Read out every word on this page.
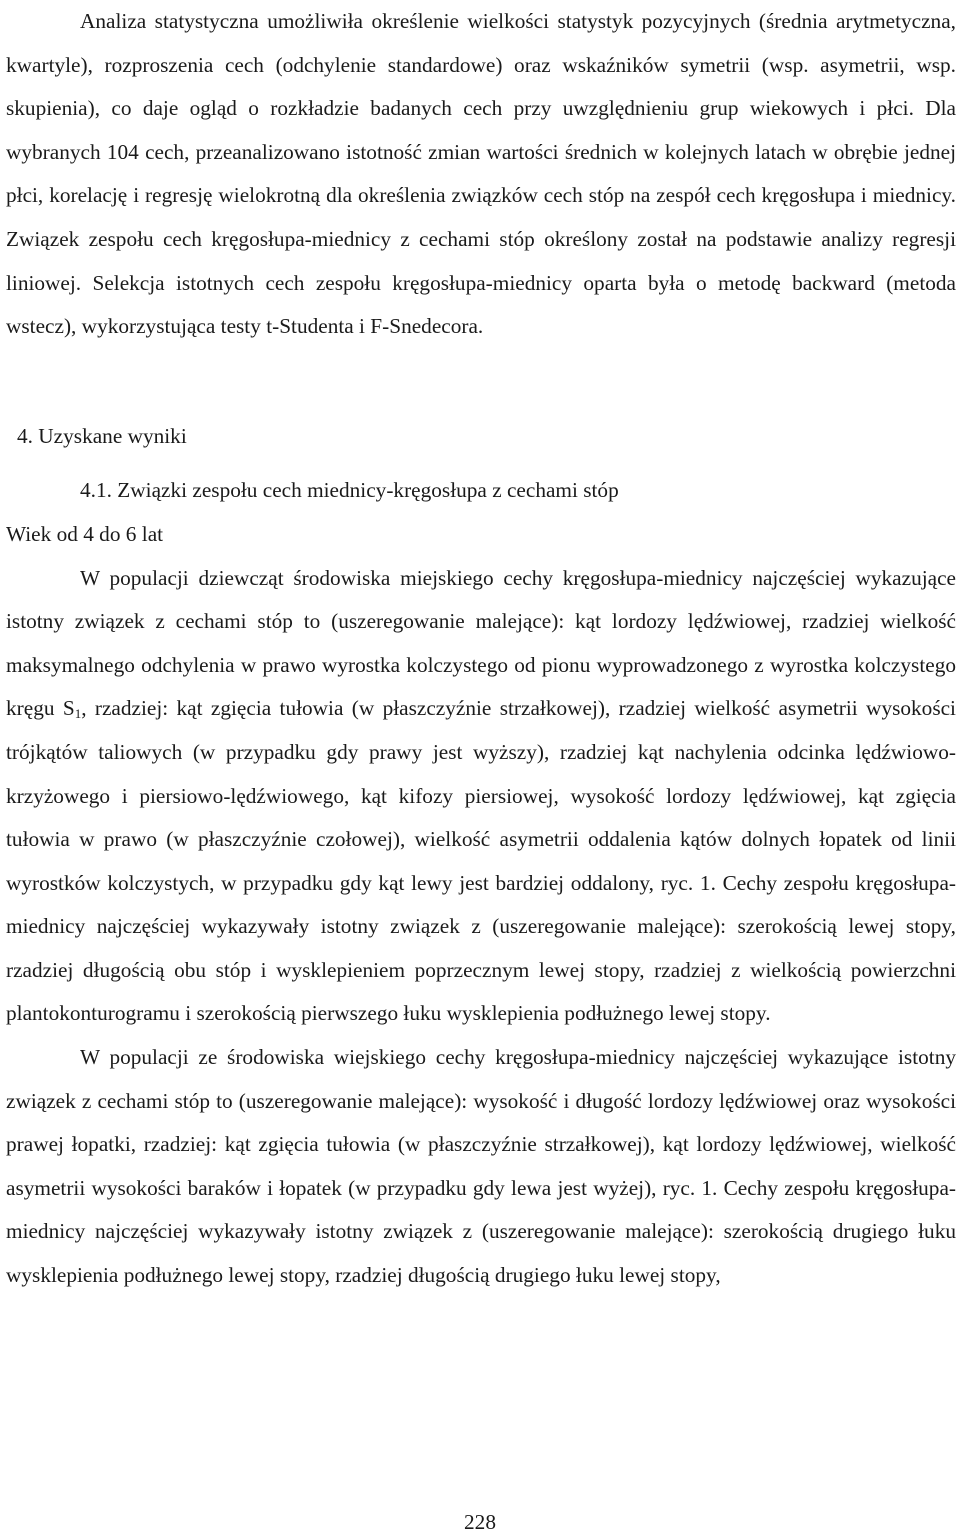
Analiza statystyczna umożliwiła określenie wielkości statystyk pozycyjnych (średnia arytmetyczna, kwartyle), rozproszenia cech (odchylenie standardowe) oraz wskaźników symetrii (wsp. asymetrii, wsp. skupienia), co daje ogląd o rozkładzie badanych cech przy uwzględnieniu grup wiekowych i płci. Dla wybranych 104 cech, przeanalizowano istotność zmian wartości średnich w kolejnych latach w obrębie jednej płci, korelację i regresję wielokrotną dla określenia związków cech stóp na zespół cech kręgosłupa i miednicy. Związek zespołu cech kręgosłupa-miednicy z cechami stóp określony został na podstawie analizy regresji liniowej. Selekcja istotnych cech zespołu kręgosłupa-miednicy oparta była o metodę backward (metoda wstecz), wykorzystująca testy t-Studenta i F-Snedecora.

4. Uzyskane wyniki
4.1. Związki zespołu cech miednicy-kręgosłupa z cechami stóp
Wiek od 4 do 6 lat

W populacji dziewcząt środowiska miejskiego cechy kręgosłupa-miednicy najczęściej wykazujące istotny związek z cechami stóp to (uszeregowanie malejące): kąt lordozy lędźwiowej, rzadziej wielkość maksymalnego odchylenia w prawo wyrostka kolczystego od pionu wyprowadzonego z wyrostka kolczystego kręgu $S_1$, rzadziej: kąt zgięcia tułowia (w płaszczyźnie strzałkowej), rzadziej wielkość asymetrii wysokości trójkątów taliowych (w przypadku gdy prawy jest wyższy), rzadziej kąt nachylenia odcinka lędźwiowo-krzyżowego i piersiowo-lędźwiowego, kąt kifozy piersiowej, wysokość lordozy lędźwiowej, kąt zgięcia tułowia w prawo (w płaszczyźnie czołowej), wielkość asymetrii oddalenia kątów dolnych łopatek od linii wyrostków kolczystych, w przypadku gdy kąt lewy jest bardziej oddalony, ryc. 1. Cechy zespołu kręgosłupa-miednicy najczęściej wykazywały istotny związek z (uszeregowanie malejące): szerokością lewej stopy, rzadziej długością obu stóp i wysklepieniem poprzecznym lewej stopy, rzadziej z wielkością powierzchni plantokonturogramu i szerokością pierwszego łuku wysklepienia podłużnego lewej stopy.

W populacji ze środowiska wiejskiego cechy kręgosłupa-miednicy najczęściej wykazujące istotny związek z cechami stóp to (uszeregowanie malejące): wysokość i długość lordozy lędźwiowej oraz wysokości prawej łopatki, rzadziej: kąt zgięcia tułowia (w płaszczyźnie strzałkowej), kąt lordozy lędźwiowej, wielkość asymetrii wysokości baraków i łopatek (w przypadku gdy lewa jest wyżej), ryc. 1. Cechy zespołu kręgosłupa-miednicy najczęściej wykazywały istotny związek z (uszeregowanie malejące): szerokością drugiego łuku wysklepienia podłużnego lewej stopy, rzadziej długością drugiego łuku lewej stopy,

228
